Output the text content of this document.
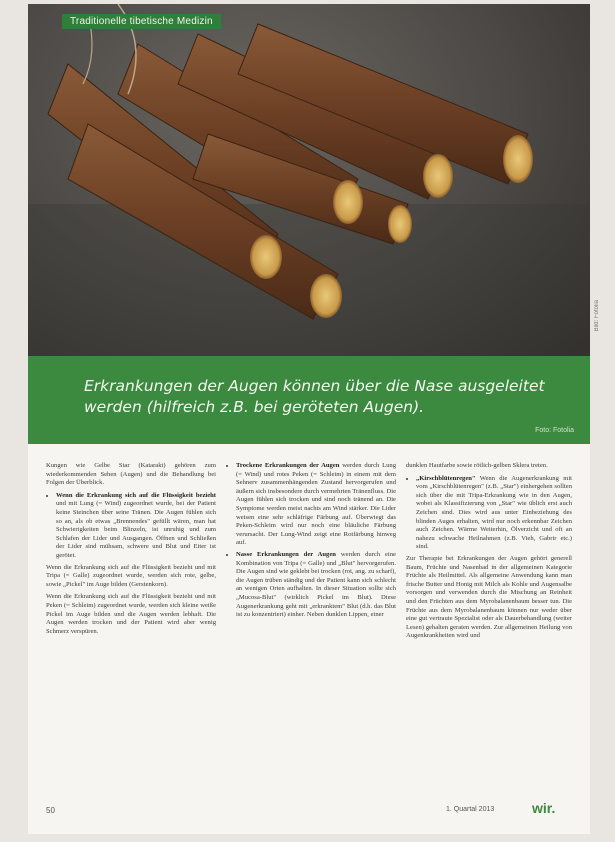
Traditionelle tibetische Medizin
Erkrankungen der Augen können über die Nase ausgeleitet werden (hilfreich z.B. bei geröteten Augen).
Foto: Fotolia
Bild: Fotolia

Kungen wie Gelbe Star (Katarakt) gehören zum wiederkommenden Sehen (Augen) und die Behandlung bei Folgen der Überblick.

• Wenn die Erkrankung sich auf die Flüssigkeit bezieht und mit Lung (= Wind) zugeordnet wurde, bei der Patient keine Steinchen über seine Tränen. Die Augen fühlen sich so an, als ob etwas „Brennendes" gefüllt wären, man hat Schwierigkeiten beim Blinzeln, ist unruhig und zum Schlafen der Lider und Ausgangen. Öffnen und Schließen der Lider sind mühsam, schwere und Blut und Eiter ist gerötet.

Wenn die Erkrankung sich auf die Flüssigkeit bezieht und mit Tripa (= Galle) zugeordnet wurde, werden sich rote, gelbe, sowie „Pickel" im Auge bilden (Gerstenkorn).

Wenn die Erkrankung sich auf die Flüssigkeit bezieht und mit Peken (= Schleim) zugeordnet wurde, werden sich kleine weiße Pickel im Auge bilden und die Augen werden lebhaft. Die Augen werden trocken und der Patient wird aber wenig Schmerz verspüren.

• Trockene Erkrankungen der Augen werden durch Lung (= Wind) und rotes Peken (= Schleim) in einem mit dem Sehnerv zusammenhängenden Zustand hervorgerufen und äußern sich insbesondere durch vermehrten Tränenfluss. Die Augen fühlen sich trocken und sind noch tränend an. Die Symptome werden meist nachts am Wind stärker. Die Lider weisen eine sehr schläfrige Färbung auf. Überwiegt das Peken-Schleim wird nur noch eine bläuliche Färbung verursacht. Der Lung-Wind zeigt eine Rotfärbung hinweg auf.
• Nasse Erkrankungen der Augen werden durch eine Kombination von Tripa (= Galle) und „Blut" hervorgerufen. Die Augen sind wie geklebt bei trocken (rot, ang. zu scharf), die Augen trüben ständig und der Patient kann sich schlecht an wenigen Orten aufhalten. In dieser Situation sollte sich „Mucosa-Blut" (wirklich Pickel im Blut). Diese Augenerkrankung geht mit „erkranktem" Blut (d.h. das Blut ist zu konzentriert) einher. Neben dunklen Lippen, einer

dunklen Hautfarbe sowie rötlich-gelben Sklera treten.

• „Kirschblütenregen" Wenn die Augenerkrankung mit vom „Kirschblütenregen" (z.B. „Star") einhergehen sollten sich über die mit Tripa-Erkrankung wie in den Augen, wobei als Klassifizierung von „Star" wie üblich erst auch Zeichen sind. Dies wird aus unter Einbeziehung des blinden Auges erhalten, wird nur noch erkennbar Zeichen auch Zeichen. Wärme Weiterhin, Ölverzicht und oft an nahezu schwache Heilnahmen (z.B. Vieh, Gabrir etc.) sind.

Zur Therapie bei Erkrankungen der Augen gehört generell Baum, Früchte und Nasenbad in der allgemeinen Kategorie Früchte als Heilmittel. Als allgemeine Anwendung kann man frische Butter und Honig mit Milch als Kohle und Augensalbe vorsorgen und verwenden durch die Mischung an Reinheit und den Früchten aus dem Myrobalanenbaum besser tun. Die Früchte aus dem Myrobalanenbaum können nur weder über eine gut vertraute Spezialist oder als Dauerbehandlung (weiter Lesen) gehalten geraten werden. Zur allgemeinen Heilung von Augenkrankheiten wird und

50	1. Quartal 2013	wir.
